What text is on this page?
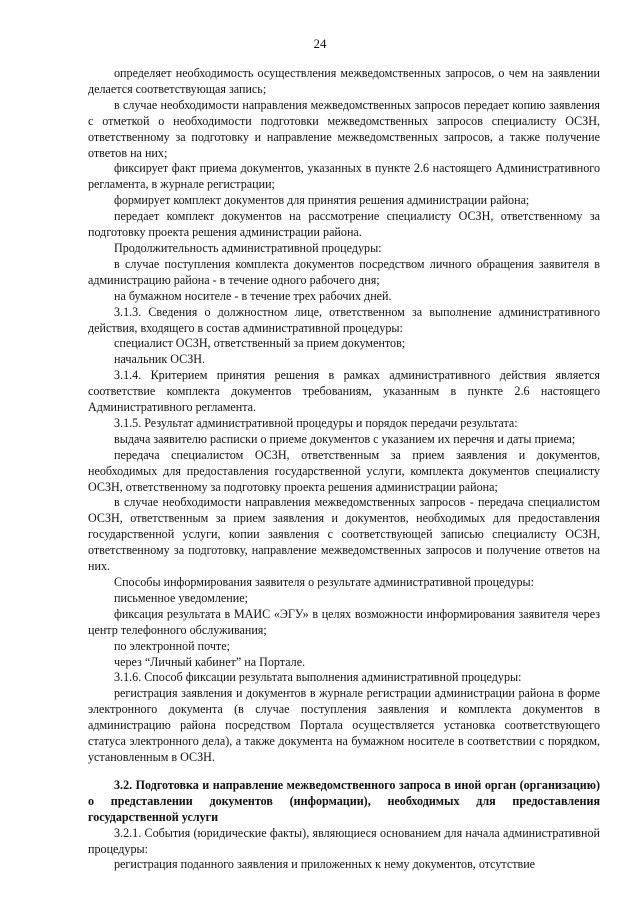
24

определяет необходимость осуществления межведомственных запросов, о чем на заявлении делается соответствующая запись;

в случае необходимости направления межведомственных запросов передает копию заявления с отметкой о необходимости подготовки межведомственных запросов специалисту ОСЗН, ответственному за подготовку и направление межведомственных запросов, а также получение ответов на них;

фиксирует факт приема документов, указанных в пункте 2.6 настоящего Административного регламента, в журнале регистрации;

формирует комплект документов для принятия решения администрации района;

передает комплект документов на рассмотрение специалисту ОСЗН, ответственному за подготовку проекта решения администрации района.

Продолжительность административной процедуры:

в случае поступления комплекта документов посредством личного обращения заявителя в администрацию района - в течение одного рабочего дня;

на бумажном носителе - в течение трех рабочих дней.

3.1.3. Сведения о должностном лице, ответственном за выполнение административного действия, входящего в состав административной процедуры:

специалист ОСЗН, ответственный за прием документов;

начальник ОСЗН.

3.1.4. Критерием принятия решения в рамках административного действия является соответствие комплекта документов требованиям, указанным в пункте 2.6 настоящего Административного регламента.

3.1.5. Результат административной процедуры и порядок передачи результата:

выдача заявителю расписки о приеме документов с указанием их перечня и даты приема;

передача специалистом ОСЗН, ответственным за прием заявления и документов, необходимых для предоставления государственной услуги, комплекта документов специалисту ОСЗН, ответственному за подготовку проекта решения администрации района;

в случае необходимости направления межведомственных запросов - передача специалистом ОСЗН, ответственным за прием заявления и документов, необходимых для предоставления государственной услуги, копии заявления с соответствующей записью специалисту ОСЗН, ответственному за подготовку, направление межведомственных запросов и получение ответов на них.

Способы информирования заявителя о результате административной процедуры:

письменное уведомление;

фиксация результата в МАИС «ЭГУ» в целях возможности информирования заявителя через центр телефонного обслуживания;

по электронной почте;

через “Личный кабинет” на Портале.

3.1.6. Способ фиксации результата выполнения административной процедуры:

регистрация заявления и документов в журнале регистрации администрации района в форме электронного документа (в случае поступления заявления и комплекта документов в администрацию района посредством Портала осуществляется установка соответствующего статуса электронного дела), а также документа на бумажном носителе в соответствии с порядком, установленным в ОСЗН.

3.2. Подготовка и направление межведомственного запроса в иной орган (организацию) о представлении документов (информации), необходимых для предоставления государственной услуги

3.2.1. События (юридические факты), являющиеся основанием для начала административной процедуры:

регистрация поданного заявления и приложенных к нему документов, отсутствие
